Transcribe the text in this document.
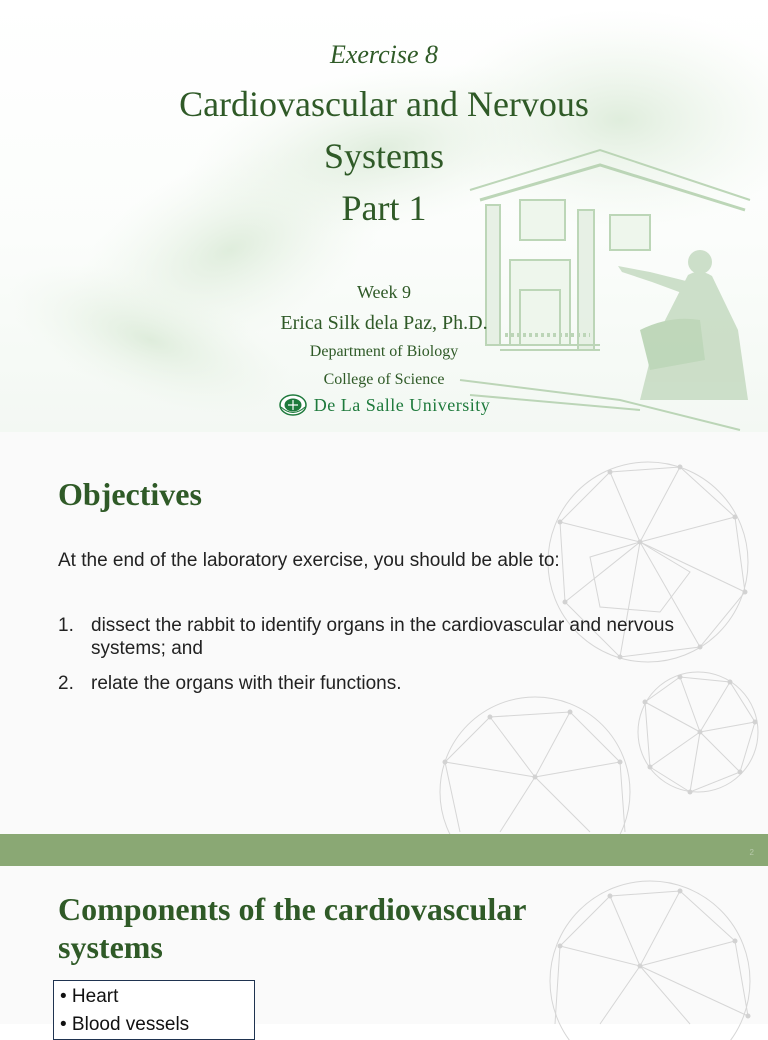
Exercise 8
Cardiovascular and Nervous
Systems
Part 1
Week 9
Erica Silk dela Paz, Ph.D.
Department of Biology
College of Science
De La Salle University
Objectives

At the end of the laboratory exercise, you should be able to:

1. dissect the rabbit to identify organs in the cardiovascular and nervous systems; and
2. relate the organs with their functions.
2
Components of the cardiovascular systems
• Heart
• Blood vessels
